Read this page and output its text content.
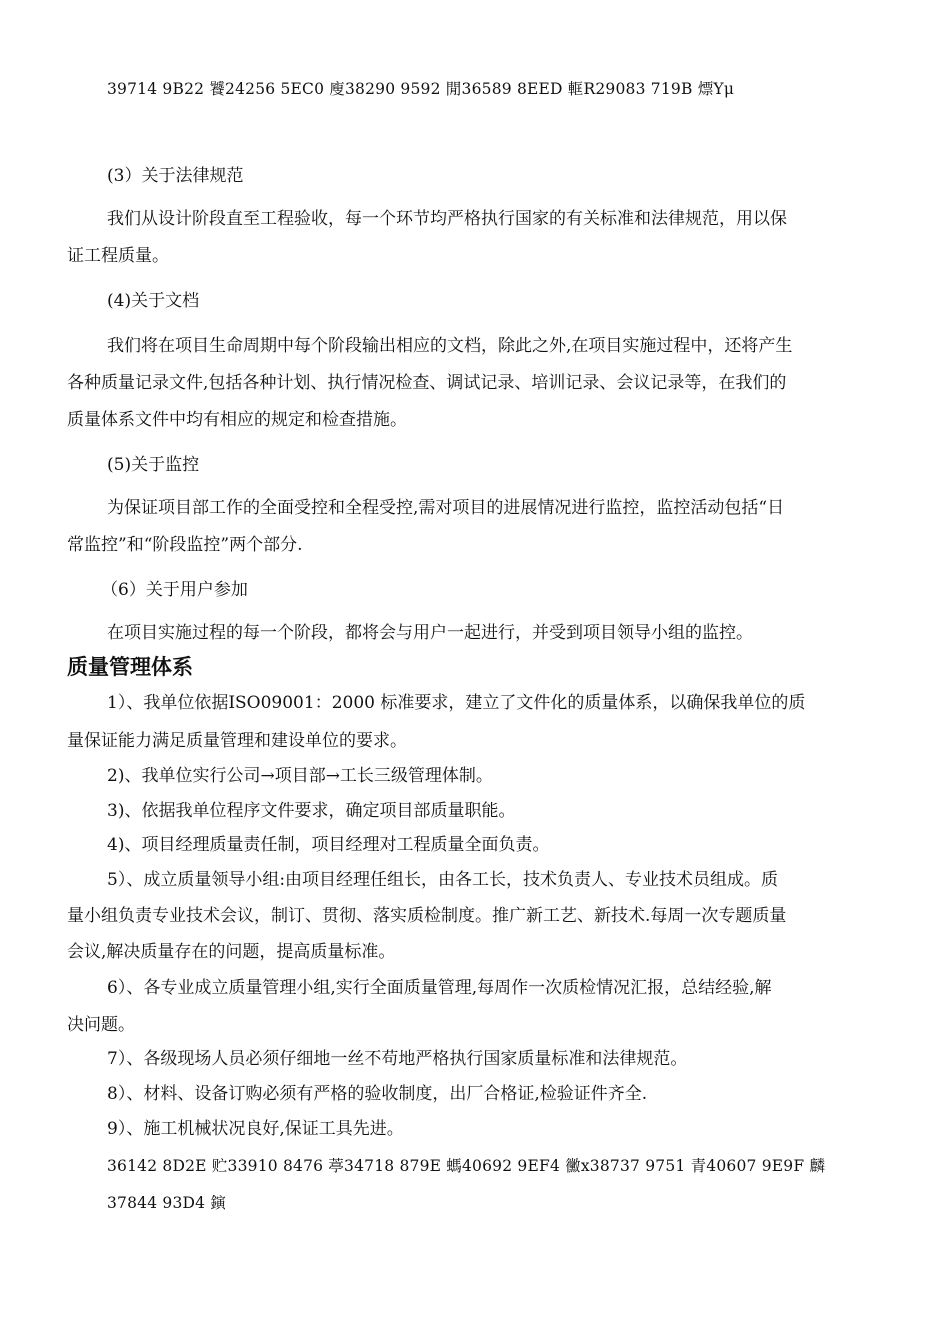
39714 9B22 饕24256 5EC0 廋38290 9592 閒36589 8EED 軭R29083 719B 熛Yμ
(3）关于法律规范
我们从设计阶段直至工程验收，每一个环节均严格执行国家的有关标准和法律规范，用以保
证工程质量。
(4)关于文档
我们将在项目生命周期中每个阶段输出相应的文档，除此之外,在项目实施过程中，还将产生
各种质量记录文件,包括各种计划、执行情况检查、调试记录、培训记录、会议记录等，在我们的
质量体系文件中均有相应的规定和检查措施。
(5)关于监控
为保证项目部工作的全面受控和全程受控,需对项目的进展情况进行监控，监控活动包括“日
常监控”和“阶段监控”两个部分.
（6）关于用户参加
在项目实施过程的每一个阶段，都将会与用户一起进行，并受到项目领导小组的监控。
质量管理体系
1）、我单位依据ISO09001：2000 标准要求，建立了文件化的质量体系，以确保我单位的质
量保证能力满足质量管理和建设单位的要求。
2)、我单位实行公司→项目部→工长三级管理体制。
3)、依据我单位程序文件要求，确定项目部质量职能。
4)、项目经理质量责任制，项目经理对工程质量全面负责。
5）、成立质量领导小组:由项目经理任组长，由各工长，技术负责人、专业技术员组成。质
量小组负责专业技术会议，制订、贯彻、落实质检制度。推广新工艺、新技术.每周一次专题质量
会议,解决质量存在的问题，提高质量标准。
6）、各专业成立质量管理小组,实行全面质量管理,每周作一次质检情况汇报，总结经验,解
决问题。
7）、各级现场人员必须仔细地一丝不苟地严格执行国家质量标准和法律规范。
8）、材料、设备订购必须有严格的验收制度，出厂合格证,检验证件齐全.
9）、施工机械状况良好,保证工具先进。
36142 8D2E 贮33910 8476 葶34718 879E 螞40692 9EF4 黴x38737 9751 青40607 9E9F 麟
37844 93D4 鏔
